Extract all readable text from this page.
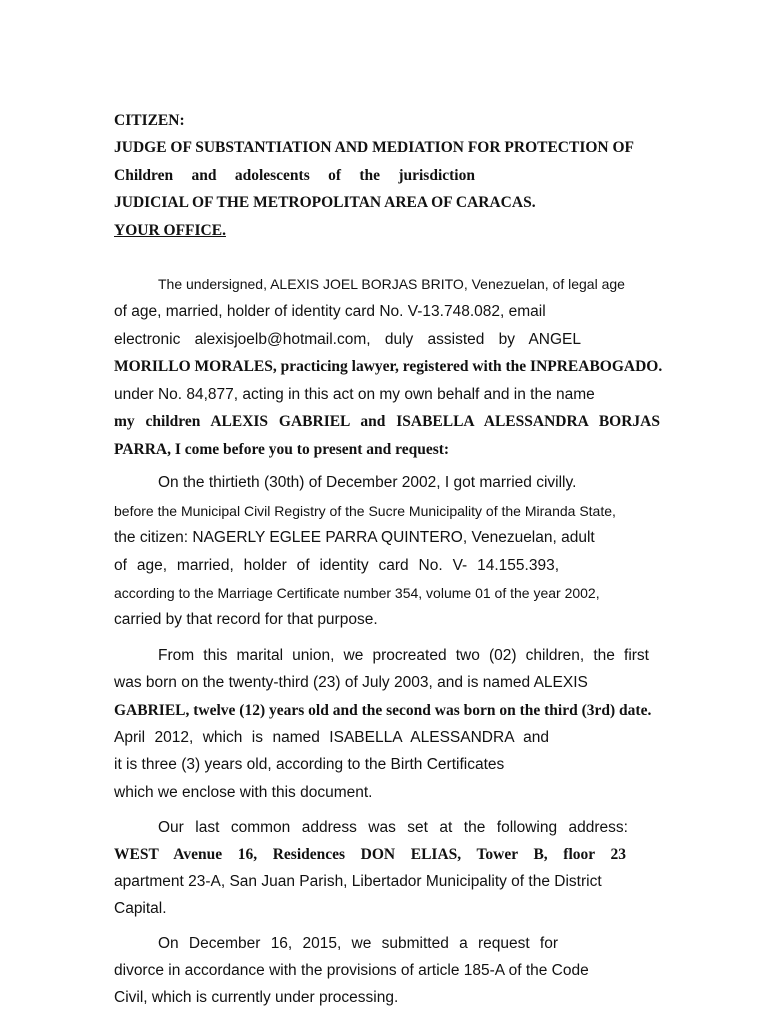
CITIZEN:
JUDGE OF SUBSTANTIATION AND MEDIATION FOR PROTECTION OF
Children and adolescents of the jurisdiction
JUDICIAL OF THE METROPOLITAN AREA OF CARACAS.
YOUR OFFICE.
The undersigned, ALEXIS JOEL BORJAS BRITO, Venezuelan, of legal age
of age, married, holder of identity card No. V-13.748.082, email
electronic alexisjoelb@hotmail.com, duly assisted by ANGEL
MORILLO MORALES, practicing lawyer, registered with the INPREABOGADO.
under No. 84,877, acting in this act on my own behalf and in the name
my children ALEXIS GABRIEL and ISABELLA ALESSANDRA BORJAS
PARRA, I come before you to present and request:
On the thirtieth (30th) of December 2002, I got married civilly.
before the Municipal Civil Registry of the Sucre Municipality of the Miranda State,
the citizen: NAGERLY EGLEE PARRA QUINTERO, Venezuelan, adult
of age, married, holder of identity card No. V- 14.155.393,
according to the Marriage Certificate number 354, volume 01 of the year 2002,
carried by that record for that purpose.
From this marital union, we procreated two (02) children, the first
was born on the twenty-third (23) of July 2003, and is named ALEXIS
GABRIEL, twelve (12) years old and the second was born on the third (3rd) date.
April 2012, which is named ISABELLA ALESSANDRA and
it is three (3) years old, according to the Birth Certificates
which we enclose with this document.
Our last common address was set at the following address:
WEST Avenue 16, Residences DON ELIAS, Tower B, floor 23
apartment 23-A, San Juan Parish, Libertador Municipality of the District
Capital.
On December 16, 2015, we submitted a request for
divorce in accordance with the provisions of article 185-A of the Code
Civil, which is currently under processing.
